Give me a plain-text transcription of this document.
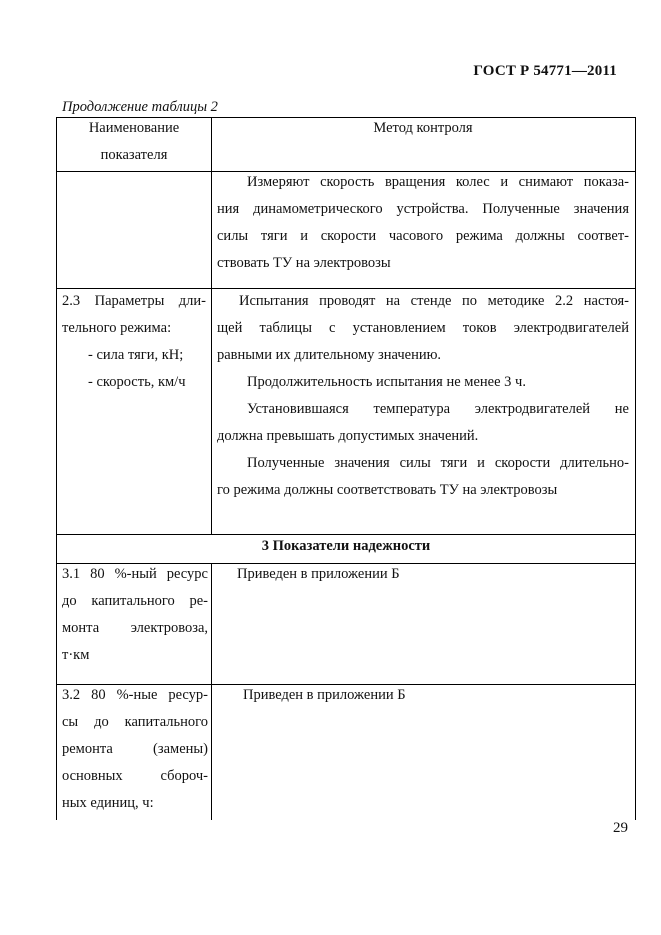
ГОСТ Р 54771—2011
Продолжение таблицы 2

Наименование

показателя

Метод контроля

Измеряют скорость вращения колес и снимают показа-

ния динамометрического устройства. Полученные значения

силы тяги и скорости часового режима должны соответ-

ствовать ТУ на электровозы

2.3 Параметры дли-

тельного режима:

- сила тяги, кН;

- скорость, км/ч

Испытания проводят на стенде по методике 2.2 настоя-

щей таблицы с установлением токов электродвигателей

равными их длительному значению.

Продолжительность испытания не менее 3 ч.

Установившаяся температура электродвигателей не

должна превышать допустимых значений.

Полученные значения силы тяги и скорости длительно-

го режима должны соответствовать ТУ на электровозы

3 Показатели надежности

3.1 80 %-ный ресурс

до капитального ре-

монта электровоза,

т·км

Приведен в приложении Б

3.2 80 %-ные ресур-

сы до капитального

ремонта (замены)

основных сбороч-

ных единиц, ч:

Приведен в приложении Б

29
